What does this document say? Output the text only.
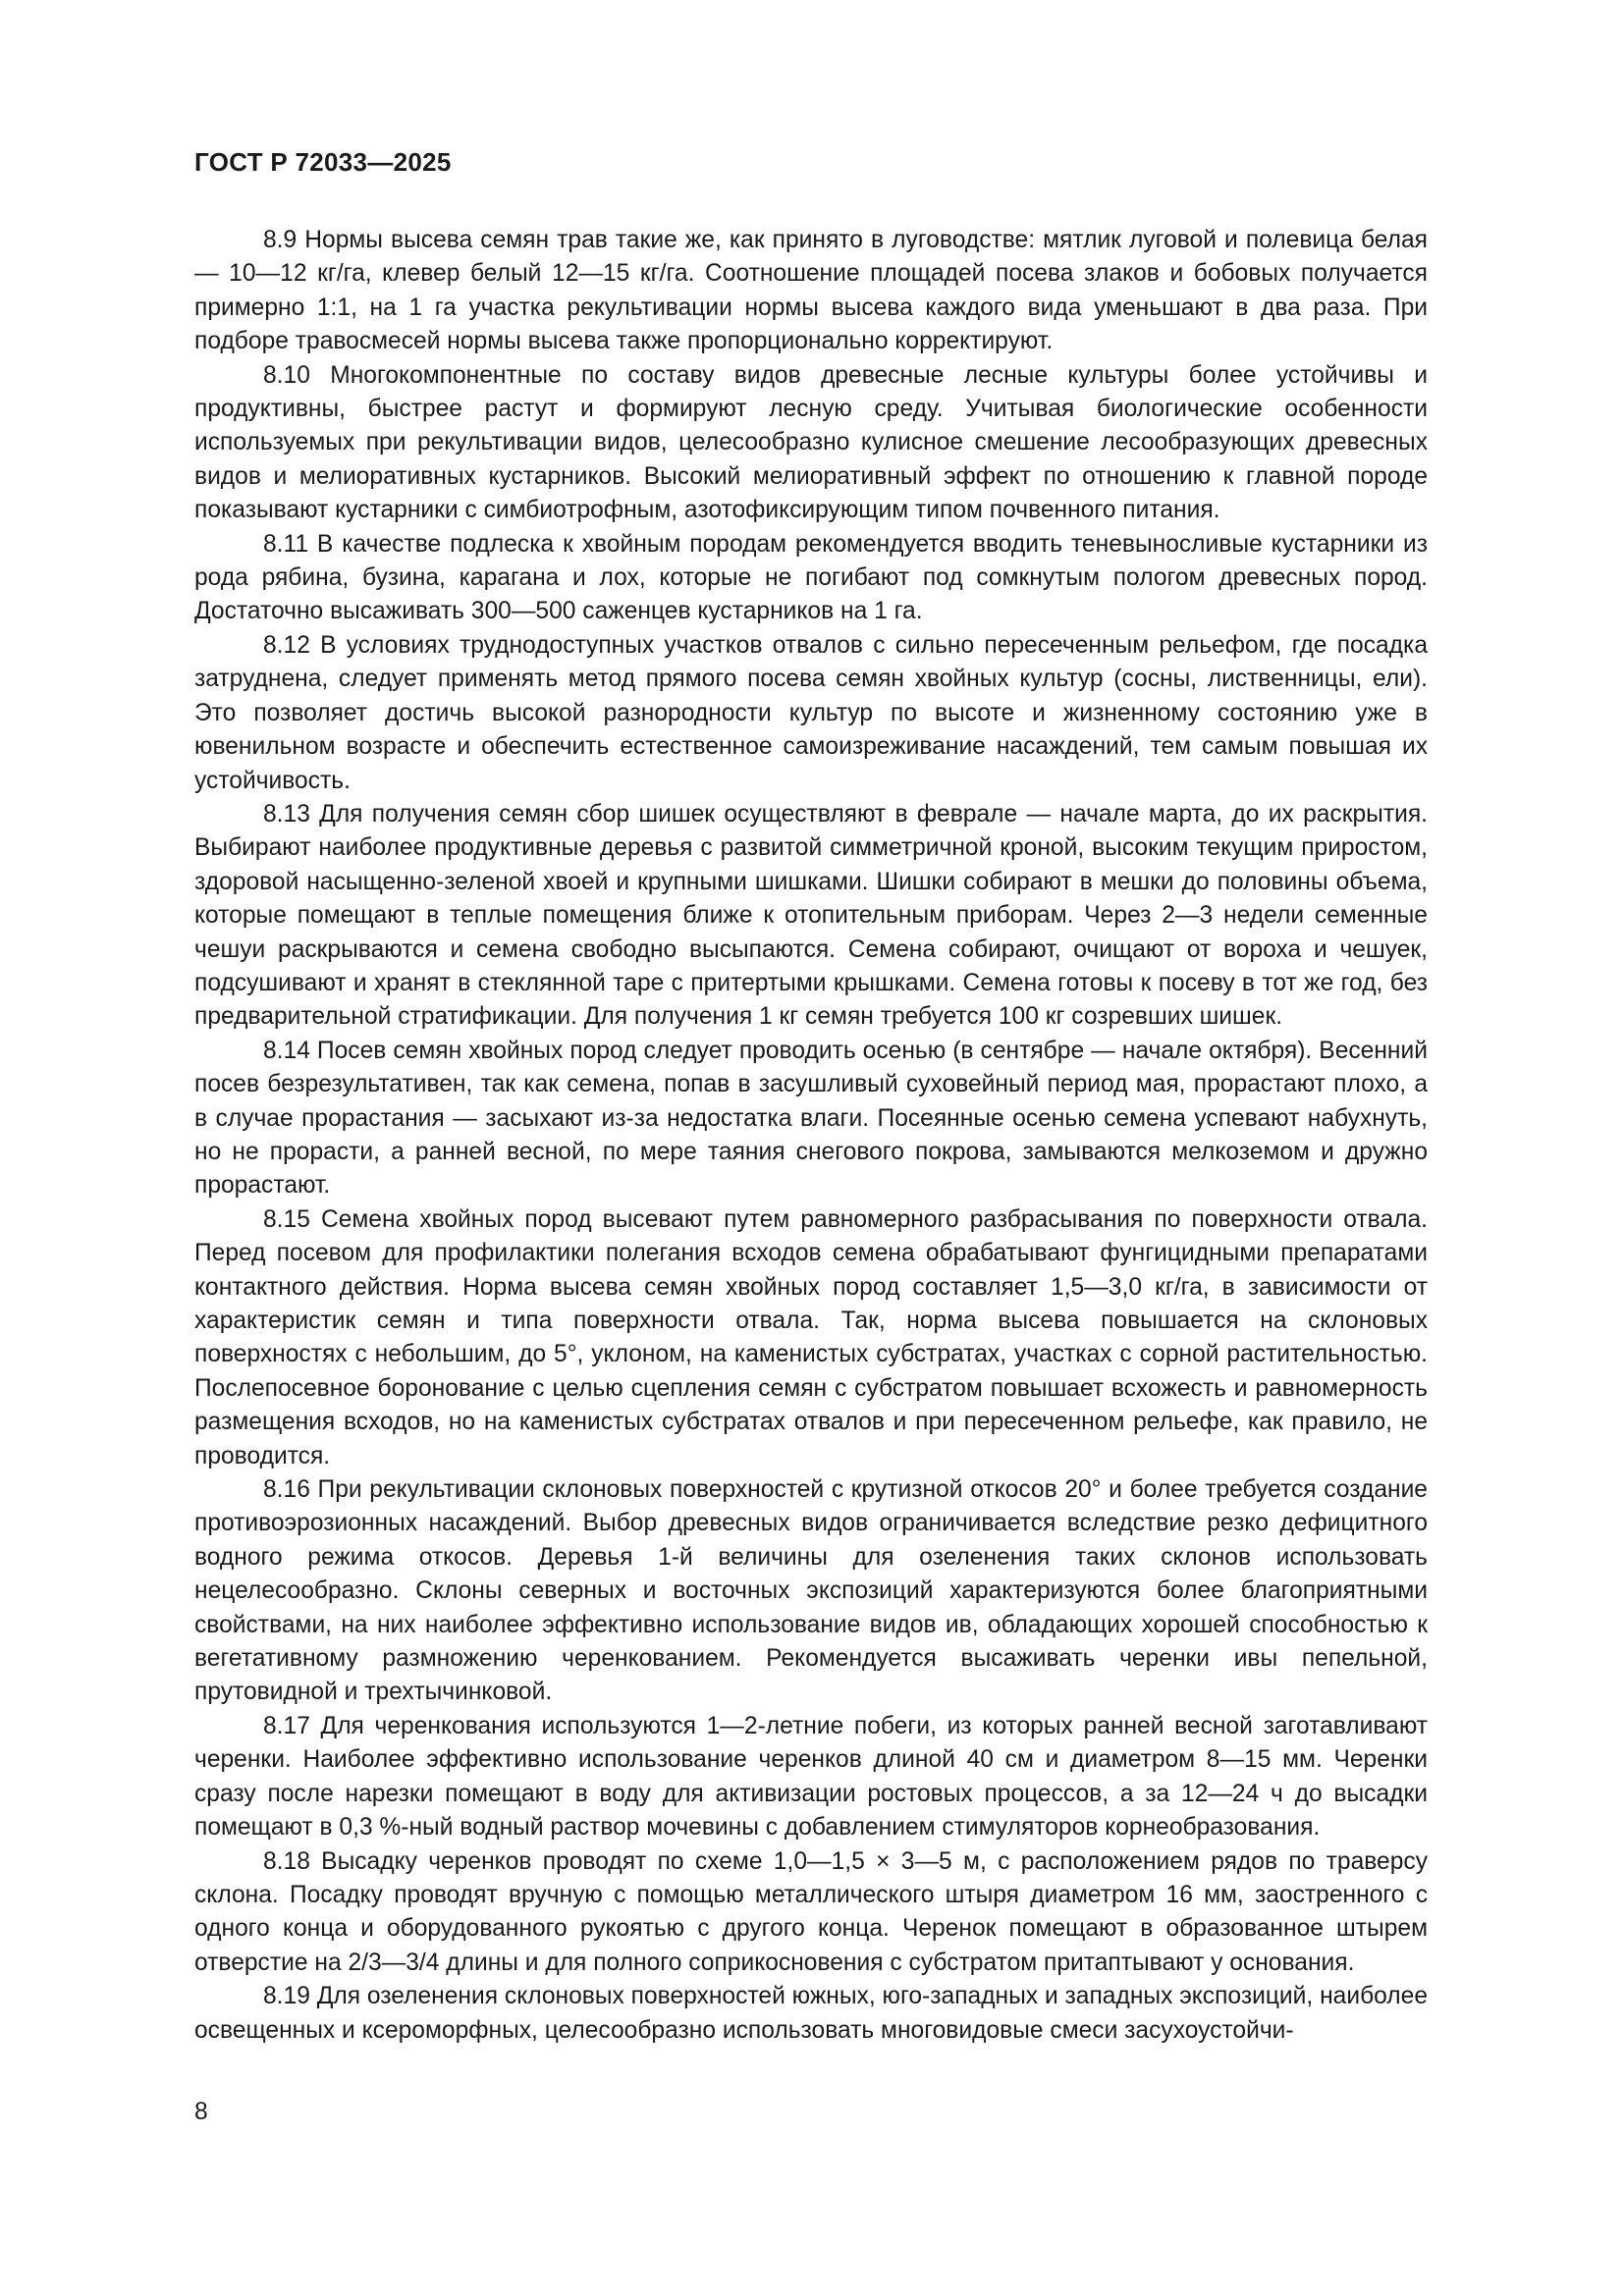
ГОСТ Р 72033—2025

8.9 Нормы высева семян трав такие же, как принято в луговодстве: мятлик луговой и полевица белая — 10—12 кг/га, клевер белый 12—15 кг/га. Соотношение площадей посева злаков и бобовых получается примерно 1:1, на 1 га участка рекультивации нормы высева каждого вида уменьшают в два раза. При подборе травосмесей нормы высева также пропорционально корректируют.

8.10 Многокомпонентные по составу видов древесные лесные культуры более устойчивы и продуктивны, быстрее растут и формируют лесную среду. Учитывая биологические особенности используемых при рекультивации видов, целесообразно кулисное смешение лесообразующих древесных видов и мелиоративных кустарников. Высокий мелиоративный эффект по отношению к главной породе показывают кустарники с симбиотрофным, азотофиксирующим типом почвенного питания.

8.11 В качестве подлеска к хвойным породам рекомендуется вводить теневыносливые кустарники из рода рябина, бузина, карагана и лох, которые не погибают под сомкнутым пологом древесных пород. Достаточно высаживать 300—500 саженцев кустарников на 1 га.

8.12 В условиях труднодоступных участков отвалов с сильно пересеченным рельефом, где посадка затруднена, следует применять метод прямого посева семян хвойных культур (сосны, лиственницы, ели). Это позволяет достичь высокой разнородности культур по высоте и жизненному состоянию уже в ювенильном возрасте и обеспечить естественное самоизреживание насаждений, тем самым повышая их устойчивость.

8.13 Для получения семян сбор шишек осуществляют в феврале — начале марта, до их раскрытия. Выбирают наиболее продуктивные деревья с развитой симметричной кроной, высоким текущим приростом, здоровой насыщенно-зеленой хвоей и крупными шишками. Шишки собирают в мешки до половины объема, которые помещают в теплые помещения ближе к отопительным приборам. Через 2—3 недели семенные чешуи раскрываются и семена свободно высыпаются. Семена собирают, очищают от вороха и чешуек, подсушивают и хранят в стеклянной таре с притертыми крышками. Семена готовы к посеву в тот же год, без предварительной стратификации. Для получения 1 кг семян требуется 100 кг созревших шишек.

8.14 Посев семян хвойных пород следует проводить осенью (в сентябре — начале октября). Весенний посев безрезультативен, так как семена, попав в засушливый суховейный период мая, прорастают плохо, а в случае прорастания — засыхают из-за недостатка влаги. Посеянные осенью семена успевают набухнуть, но не прорасти, а ранней весной, по мере таяния снегового покрова, замываются мелкоземом и дружно прорастают.

8.15 Семена хвойных пород высевают путем равномерного разбрасывания по поверхности отвала. Перед посевом для профилактики полегания всходов семена обрабатывают фунгицидными препаратами контактного действия. Норма высева семян хвойных пород составляет 1,5—3,0 кг/га, в зависимости от характеристик семян и типа поверхности отвала. Так, норма высева повышается на склоновых поверхностях с небольшим, до 5°, уклоном, на каменистых субстратах, участках с сорной растительностью. Послепосевное боронование с целью сцепления семян с субстратом повышает всхожесть и равномерность размещения всходов, но на каменистых субстратах отвалов и при пересеченном рельефе, как правило, не проводится.

8.16 При рекультивации склоновых поверхностей с крутизной откосов 20° и более требуется создание противоэрозионных насаждений. Выбор древесных видов ограничивается вследствие резко дефицитного водного режима откосов. Деревья 1-й величины для озеленения таких склонов использовать нецелесообразно. Склоны северных и восточных экспозиций характеризуются более благоприятными свойствами, на них наиболее эффективно использование видов ив, обладающих хорошей способностью к вегетативному размножению черенкованием. Рекомендуется высаживать черенки ивы пепельной, прутовидной и трехтычинковой.

8.17 Для черенкования используются 1—2-летние побеги, из которых ранней весной заготавливают черенки. Наиболее эффективно использование черенков длиной 40 см и диаметром 8—15 мм. Черенки сразу после нарезки помещают в воду для активизации ростовых процессов, а за 12—24 ч до высадки помещают в 0,3 %-ный водный раствор мочевины с добавлением стимуляторов корнеобразования.

8.18 Высадку черенков проводят по схеме 1,0—1,5 × 3—5 м, с расположением рядов по траверсу склона. Посадку проводят вручную с помощью металлического штыря диаметром 16 мм, заостренного с одного конца и оборудованного рукоятью с другого конца. Черенок помещают в образованное штырем отверстие на 2/3—3/4 длины и для полного соприкосновения с субстратом притаптывают у основания.

8.19 Для озеленения склоновых поверхностей южных, юго-западных и западных экспозиций, наиболее освещенных и ксероморфных, целесообразно использовать многовидовые смеси засухоустойчи-

8
